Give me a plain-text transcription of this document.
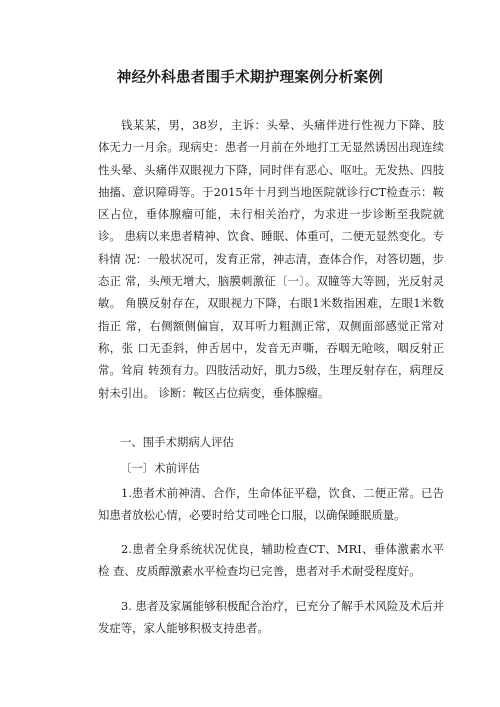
神经外科患者围手术期护理案例分析案例

钱某某，男，38岁，主诉：头晕、头痛伴进行性视力下降、肢 体无力一月余。现病史：患者一月前在外地打工无显然诱因出现连续 性头晕、头痛伴双眼视力下降，同时伴有恶心、呕吐。无发热、四肢 抽搐、意识障碍等。于2015年十月到当地医院就诊行CT检查示：鞍 区占位，垂体腺瘤可能，未行相关治疗，为求进一步诊断至我院就诊。 患病以来患者精神、饮食、睡眠、体重可，二便无显然变化。专科情 况：一般状况可，发育正常，神志清，查体合作，对答切题，步态正 常，头颅无增大，脑膜刺激征〔一〕。双瞳等大等圆，光反射灵敏。 角膜反射存在，双眼视力下降，右眼1米数指困难，左眼1米数指正 常，右侧额侧偏盲，双耳听力粗测正常，双侧面部感觉正常对称，张 口无歪斜，伸舌居中，发音无声嘶，吞咽无呛咳，咽反射正常。耸肩 转颈有力。四肢活动好，肌力5级，生理反射存在，病理反射未引出。 诊断：鞍区占位病变，垂体腺瘤。

一、围手术期病人评估
〔一〕术前评估

1.患者术前神清、合作，生命体征平稳，饮食、二便正常。已告 知患者放松心情，必要时给艾司唑仑口服，以确保睡眠质量。

2.患者全身系统状况优良，辅助检查CT、MRI、垂体激素水平检 查、皮质醇激素水平检查均已完善，患者对手术耐受程度好。

3. 患者及家属能够积极配合治疗，已充分了解手术风险及术后并 发症等，家人能够积极支持患者。
